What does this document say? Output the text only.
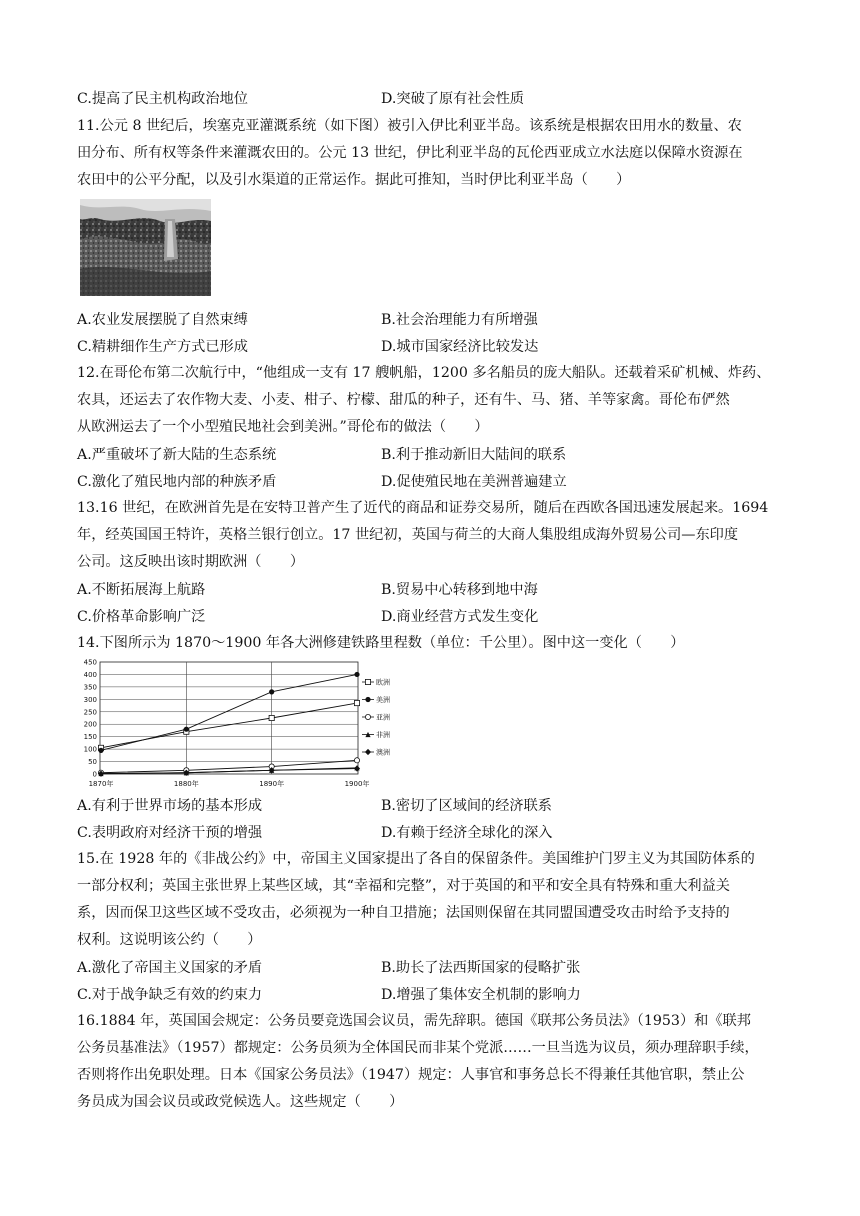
C.提高了民主机构政治地位	D.突破了原有社会性质
11.公元 8 世纪后，埃塞克亚灌溉系统（如下图）被引入伊比利亚半岛。该系统是根据农田用水的数量、农
田分布、所有权等条件来灌溉农田的。公元 13 世纪，伊比利亚半岛的瓦伦西亚成立水法庭以保障水资源在
农田中的公平分配，以及引水渠道的正常运作。据此可推知，当时伊比利亚半岛（　　）
A.农业发展摆脱了自然束缚	B.社会治理能力有所增强
C.精耕细作生产方式已形成	D.城市国家经济比较发达
12.在哥伦布第二次航行中，“他组成一支有 17 艘帆船，1200 多名船员的庞大船队。还载着采矿机械、炸药、
农具，还运去了农作物大麦、小麦、柑子、柠檬、甜瓜的种子，还有牛、马、猪、羊等家禽。哥伦布俨然
从欧洲运去了一个小型殖民地社会到美洲。”哥伦布的做法（　　）
A.严重破坏了新大陆的生态系统	B.利于推动新旧大陆间的联系
C.激化了殖民地内部的种族矛盾	D.促使殖民地在美洲普遍建立
13.16 世纪，在欧洲首先是在安特卫普产生了近代的商品和证券交易所，随后在西欧各国迅速发展起来。1694
年，经英国国王特许，英格兰银行创立。17 世纪初，英国与荷兰的大商人集股组成海外贸易公司—东印度
公司。这反映出该时期欧洲（　　）
A.不断拓展海上航路	B.贸易中心转移到地中海
C.价格革命影响广泛	D.商业经营方式发生变化
14.下图所示为 1870～1900 年各大洲修建铁路里程数（单位：千公里）。图中这一变化（　　）
0
50
100
150
200
250
300
350
400
450
1870年	1880年	1890年	1900年
欧洲
美洲
亚洲
非洲
澳洲
A.有利于世界市场的基本形成	B.密切了区域间的经济联系
C.表明政府对经济干预的增强	D.有赖于经济全球化的深入
15.在 1928 年的《非战公约》中，帝国主义国家提出了各自的保留条件。美国维护门罗主义为其国防体系的
一部分权利；英国主张世界上某些区域，其“幸福和完整”，对于英国的和平和安全具有特殊和重大利益关
系，因而保卫这些区域不受攻击，必须视为一种自卫措施；法国则保留在其同盟国遭受攻击时给予支持的
权利。这说明该公约（　　）
A.激化了帝国主义国家的矛盾	B.助长了法西斯国家的侵略扩张
C.对于战争缺乏有效的约束力	D.增强了集体安全机制的影响力
16.1884 年，英国国会规定：公务员要竞选国会议员，需先辞职。德国《联邦公务员法》（1953）和《联邦
公务员基准法》（1957）都规定：公务员须为全体国民而非某个党派……一旦当选为议员，须办理辞职手续，
否则将作出免职处理。日本《国家公务员法》（1947）规定：人事官和事务总长不得兼任其他官职，禁止公
务员成为国会议员或政党候选人。这些规定（　　）
